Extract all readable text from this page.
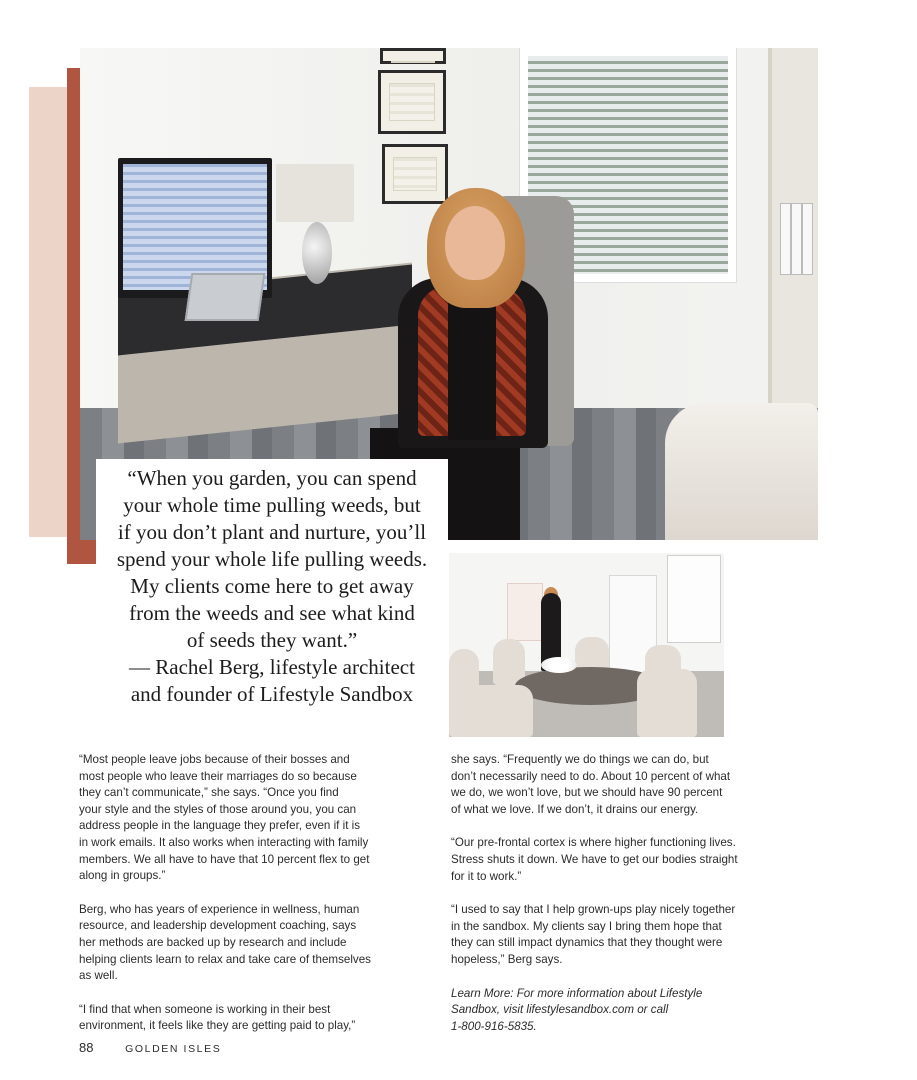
“When you garden, you can spend
your whole time pulling weeds, but
if you don’t plant and nurture, you’ll
spend your whole life pulling weeds.
My clients come here to get away
from the weeds and see what kind
of seeds they want.”
— Rachel Berg, lifestyle architect
and founder of Lifestyle Sandbox

“Most people leave jobs because of their bosses and
most people who leave their marriages do so because
they can’t communicate,” she says. “Once you find
your style and the styles of those around you, you can
address people in the language they prefer, even if it is
in work emails. It also works when interacting with family
members. We all have to have that 10 percent flex to get
along in groups.”

Berg, who has years of experience in wellness, human
resource, and leadership development coaching, says
her methods are backed up by research and include
helping clients learn to relax and take care of themselves
as well.

“I find that when someone is working in their best
environment, it feels like they are getting paid to play,”

she says. “Frequently we do things we can do, but
don’t necessarily need to do. About 10 percent of what
we do, we won’t love, but we should have 90 percent
of what we love. If we don’t, it drains our energy.

“Our pre-frontal cortex is where higher functioning lives.
Stress shuts it down. We have to get our bodies straight
for it to work.”

“I used to say that I help grown-ups play nicely together
in the sandbox. My clients say I bring them hope that
they can still impact dynamics that they thought were
hopeless,” Berg says.

Learn More: For more information about Lifestyle
Sandbox, visit lifestylesandbox.com or call
1-800-916-5835.

88	GOLDEN ISLES
